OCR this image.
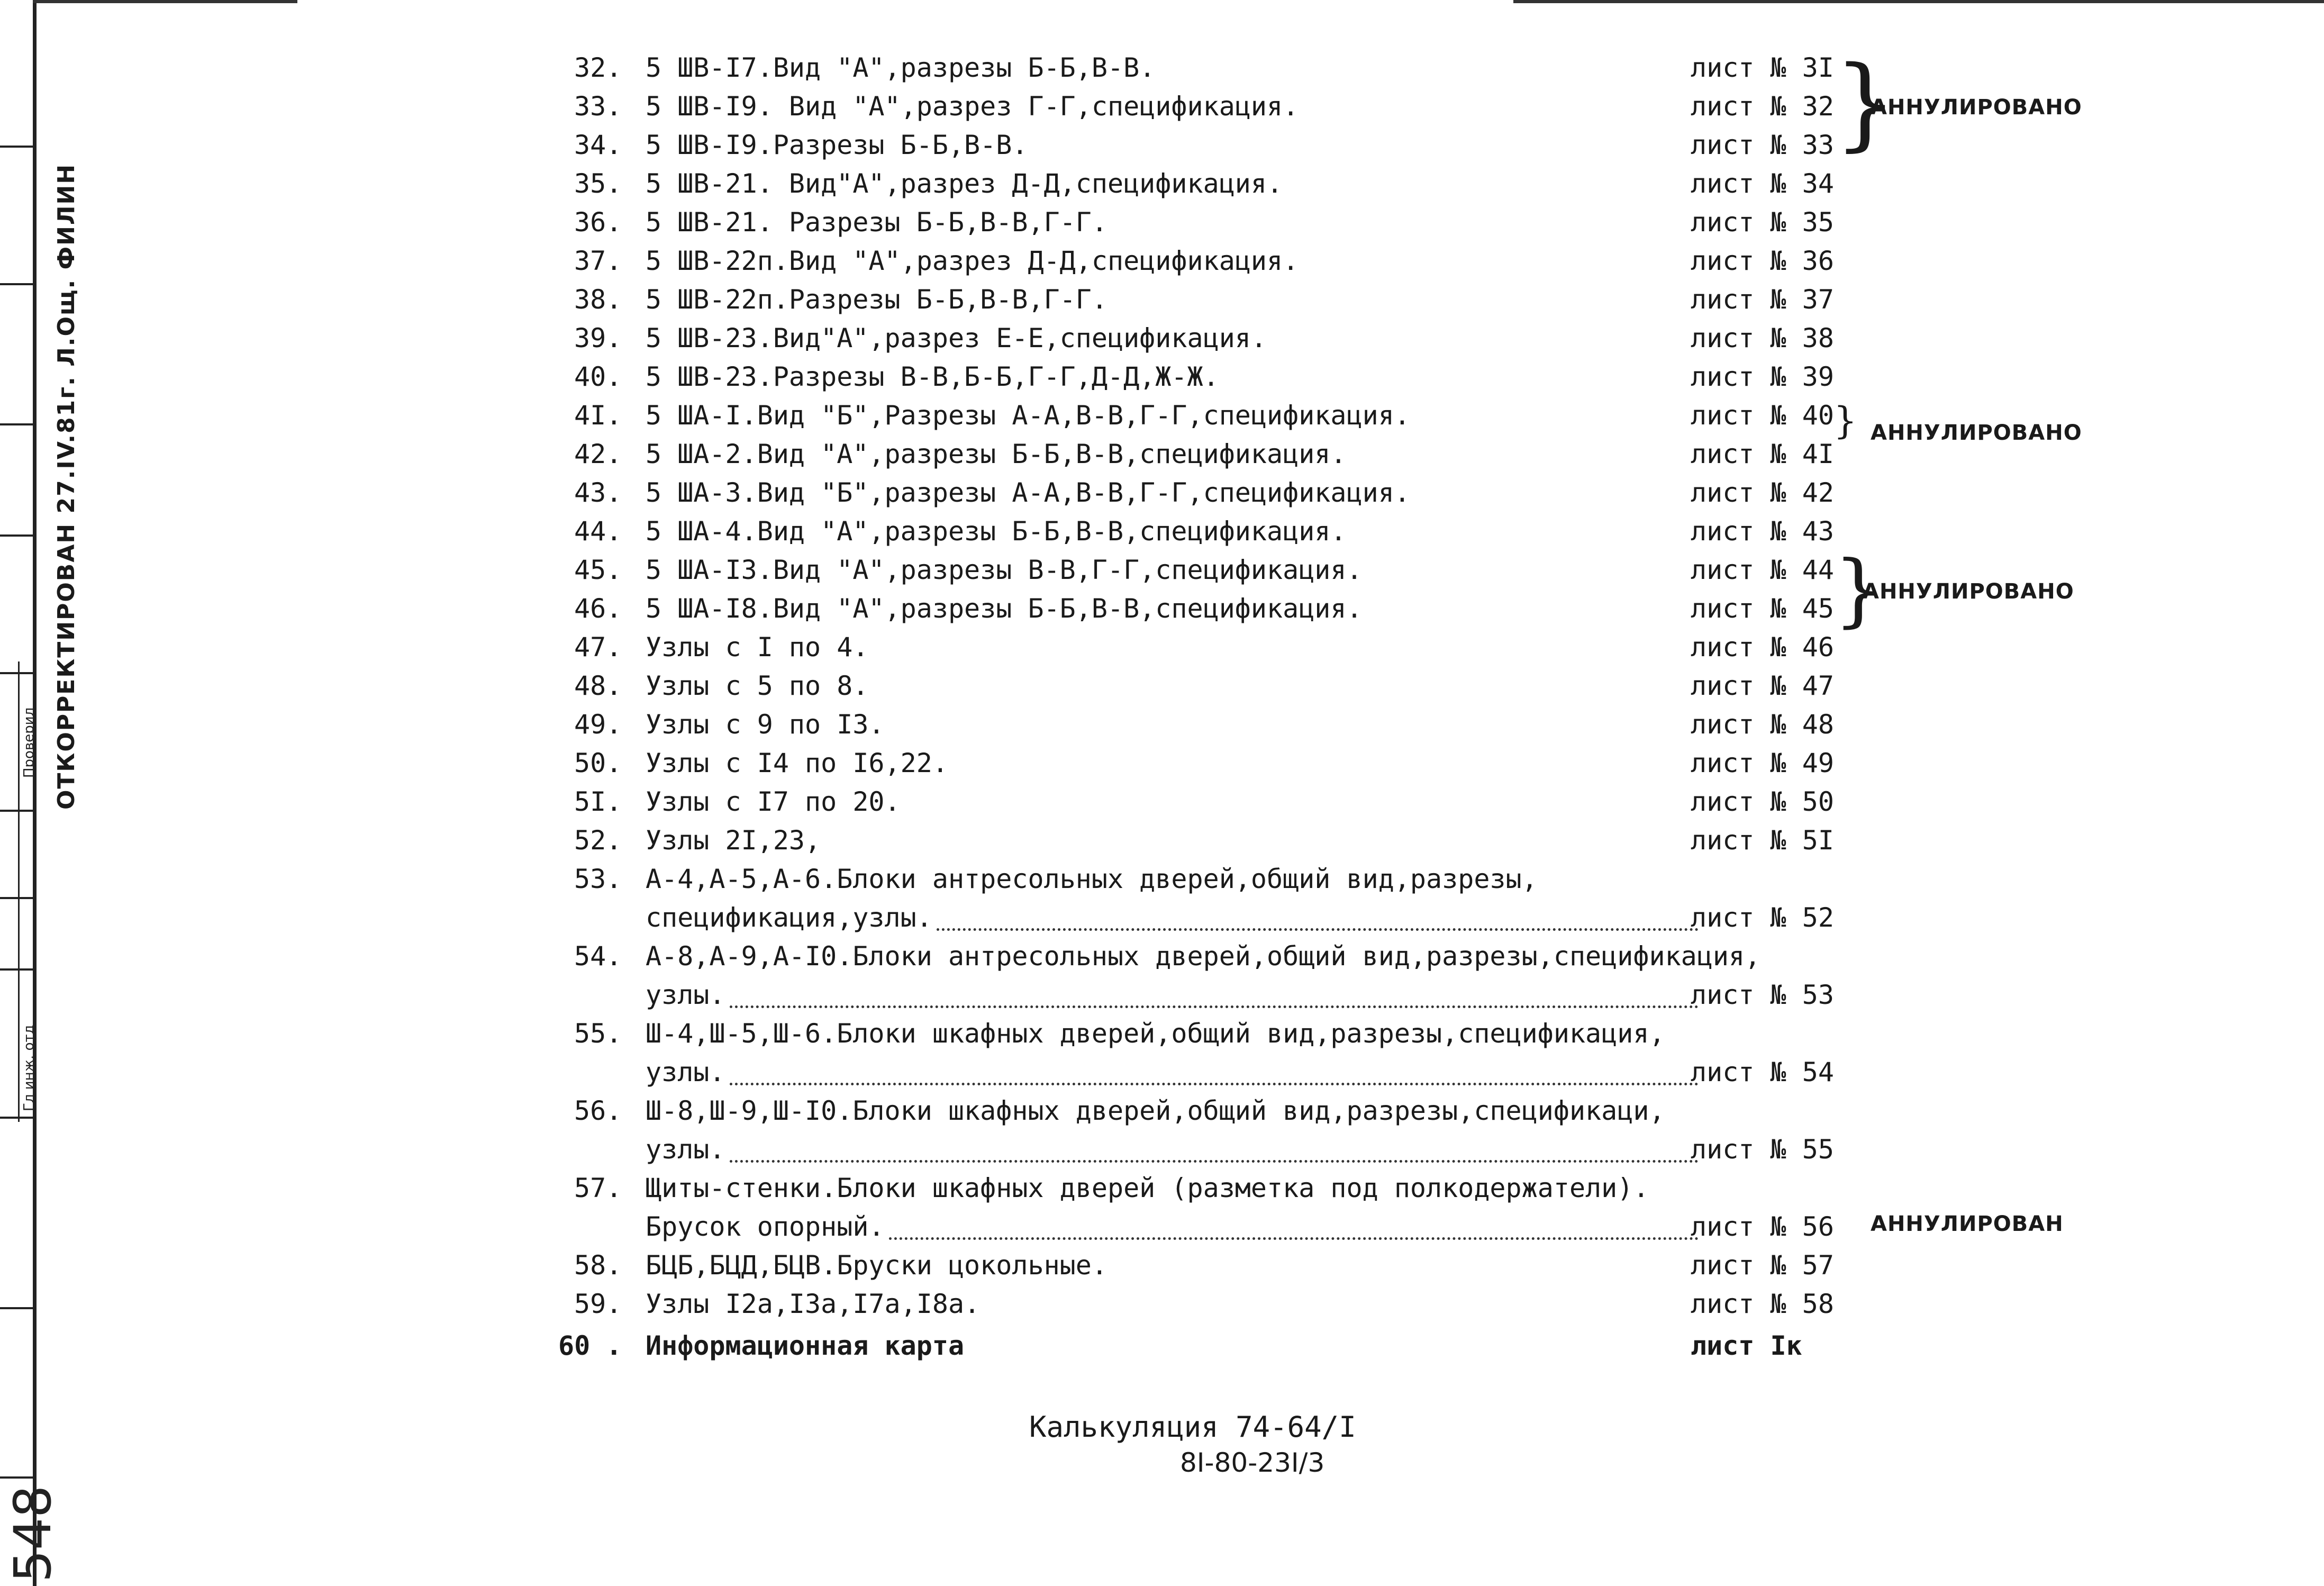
Проверил
Гл инж. отд
ОТКОРРЕКТИРОВАН 27.IV.81г. Л.Ощ. ФИЛИН
548
32. 5 ШВ-I7.Вид "А",разрезы Б-Б,В-В.	лист № 3I
33. 5 ШВ-I9. Вид "А",разрез Г-Г,спецификация.	лист № 32
34. 5 ШВ-I9.Разрезы Б-Б,В-В.	лист № 33
35. 5 ШВ-21. Вид"А",разрез Д-Д,спецификация.	лист № 34
36. 5 ШВ-21. Разрезы Б-Б,В-В,Г-Г.	лист № 35
37. 5 ШВ-22п.Вид "А",разрез Д-Д,спецификация.	лист № 36
38. 5 ШВ-22п.Разрезы Б-Б,В-В,Г-Г.	лист № 37
39. 5 ШВ-23.Вид"А",разрез Е-Е,спецификация.	лист № 38
40. 5 ШВ-23.Разрезы В-В,Б-Б,Г-Г,Д-Д,Ж-Ж.	лист № 39
4I. 5 ША-I.Вид "Б",Разрезы А-А,В-В,Г-Г,спецификация.	лист № 40
42. 5 ША-2.Вид "А",разрезы Б-Б,В-В,спецификация.	лист № 4I
43. 5 ША-3.Вид "Б",разрезы А-А,В-В,Г-Г,спецификация.	лист № 42
44. 5 ША-4.Вид "А",разрезы Б-Б,В-В,спецификация.	лист № 43
45. 5 ША-I3.Вид "А",разрезы В-В,Г-Г,спецификация.	лист № 44
46. 5 ША-I8.Вид "А",разрезы Б-Б,В-В,спецификация.	лист № 45
47. Узлы с I по 4.	лист № 46
48. Узлы с 5 по 8.	лист № 47
49. Узлы с 9 по I3.	лист № 48
50. Узлы с I4 по I6,22.	лист № 49
5I. Узлы с I7 по 20.	лист № 50
52. Узлы 2I,23,	лист № 5I
53. А-4,А-5,А-6.Блоки антресольных дверей,общий вид,разрезы,
спецификация,узлы.	лист № 52
54. А-8,А-9,А-I0.Блоки антресольных дверей,общий вид,разрезы,спецификация,
узлы.	лист № 53
55. Ш-4,Ш-5,Ш-6.Блоки шкафных дверей,общий вид,разрезы,спецификация,
узлы.	лист № 54
56. Ш-8,Ш-9,Ш-I0.Блоки шкафных дверей,общий вид,разрезы,спецификаци,
узлы.	лист № 55
57. Щиты-стенки.Блоки шкафных дверей (разметка под полкодержатели).
Брусок опорный.	лист № 56
58. БЦБ,БЦД,БЦВ.Бруски цокольные.	лист № 57
59. Узлы I2а,I3а,I7а,I8а.	лист № 58
60 . Информационная карта	лист Iк
}
АННУЛИРОВАНО
} АННУЛИРОВАНО
}
АННУЛИРОВАНО
АННУЛИРОВАН
Калькуляция 74-64/I
8I-80-23I/3
